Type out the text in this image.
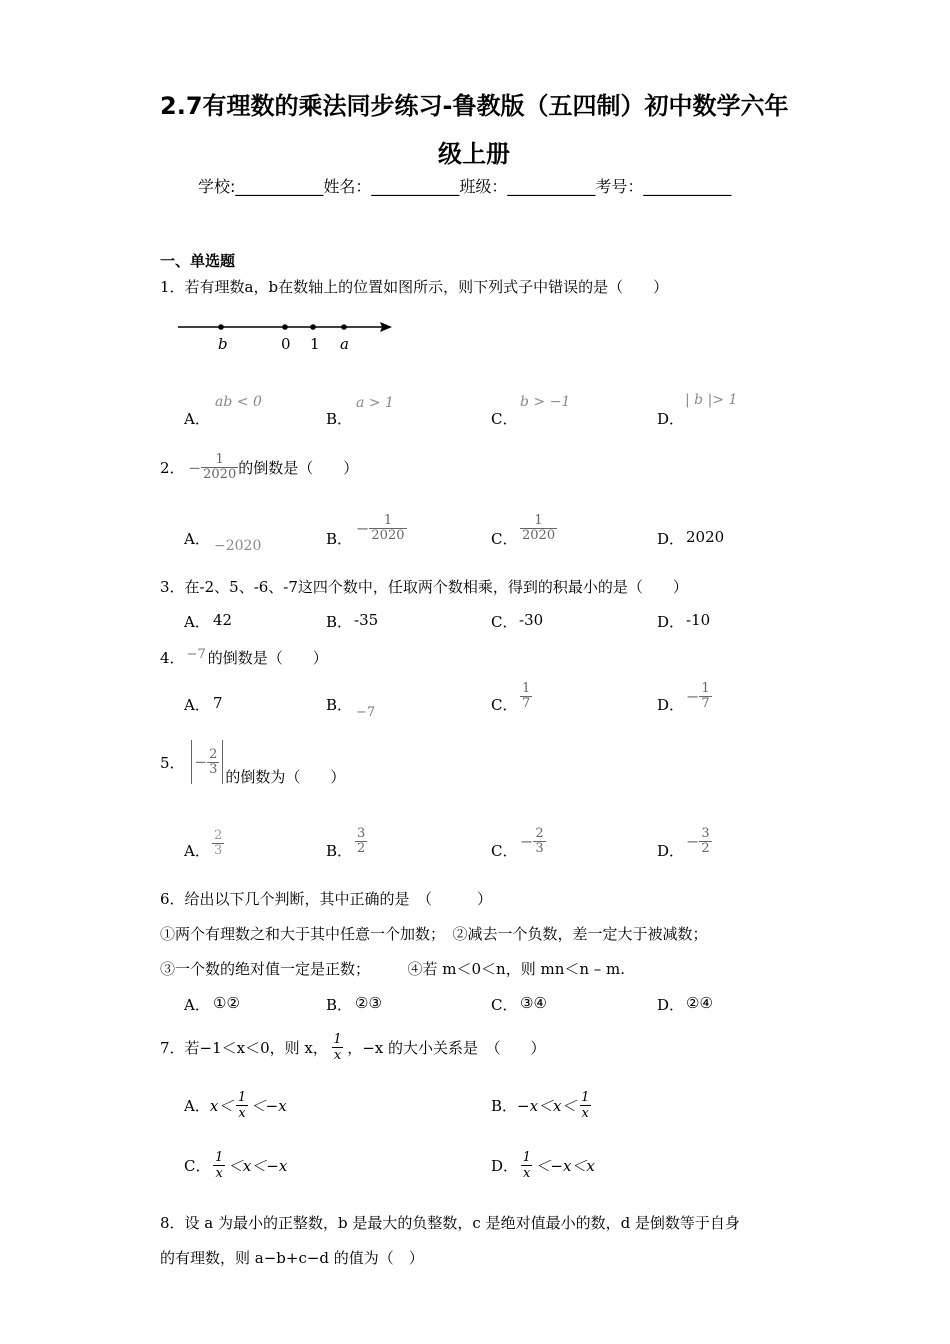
2.7有理数的乘法同步练习-鲁教版（五四制）初中数学六年
级上册
学校:___________姓名：___________班级：___________考号：___________
一、单选题
1．若有理数a，b在数轴上的位置如图所示，则下列式子中错误的是（　　）
b	0 1 a
A．
ab < 0
B．
a > 1
C．
b > −1
D．
| b |> 1
2． − $\frac{1}{2020}$ 的倒数是（　　）
A． −2020	B．
− $\frac{1}{2020}$	C． $\frac{1}{2020}$	D． 2020
3．在-2、5、-6、-7这四个数中，任取两个数相乘，得到的积最小的是（　　）
A． 42	B． -35	C． -30	D． -10
4． −7 的倒数是（　　）
A． 7	B． −7	C． $\frac{1}{7}$	D． − $\frac{1}{7}$
5． − $\frac{2}{3}$ 的倒数为（　　）
A． $\frac{2}{3}$	B． $\frac{3}{2}$	C． − $\frac{2}{3}$	D． − $\frac{3}{2}$
6．给出以下几个判断，其中正确的是　（　　　）
①两个有理数之和大于其中任意一个加数；　②减去一个负数，差一定大于被减数；
③一个数的绝对值一定是正数；　　　④若 m＜0＜n，则 mn＜n – m.
A． ①②	B． ②③	C． ③④	D． ②④
7．若−1＜x＜0，则 x， $\frac{1}{x}$ ，−x 的大小关系是　（　　）
A． $x< \frac{1}{x} <-x$	B． $-x<x< \frac{1}{x}$
C． $\frac{1}{x} <x<-x$	D． $\frac{1}{x} <-x<x$
8．设 a 为最小的正整数，b 是最大的负整数，c 是绝对值最小的数，d 是倒数等于自身
的有理数，则 a−b+c−d 的值为（　）
